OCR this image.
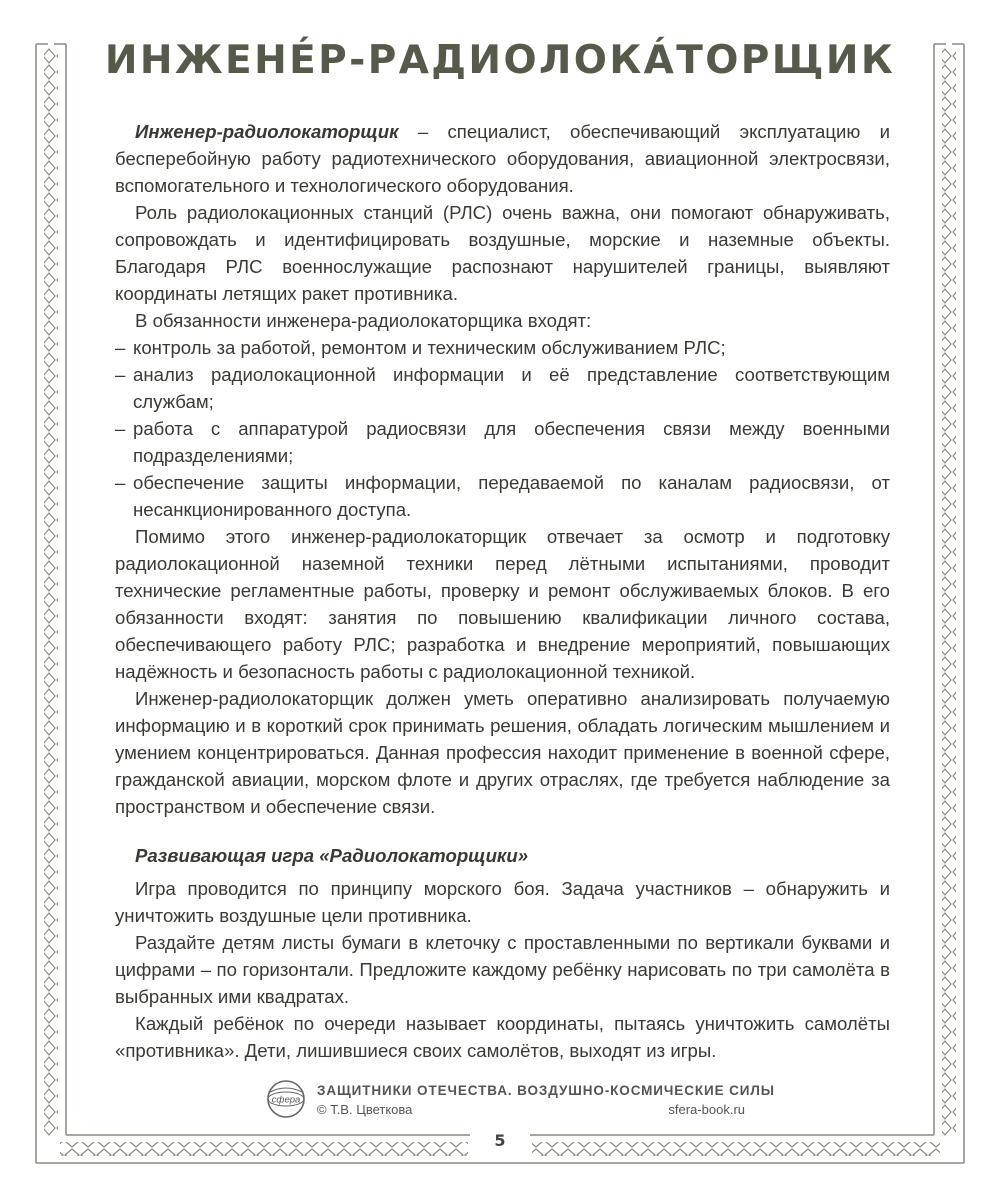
ИНЖЕНÉР-РАДИОЛОКÁТОРЩИК

Инженер-радиолокаторщик – специалист, обеспечивающий эксплуатацию и бесперебойную работу радиотехнического оборудования, авиационной электросвязи, вспомогательного и технологического оборудования.

Роль радиолокационных станций (РЛС) очень важна, они помогают обнаруживать, сопровождать и идентифицировать воздушные, морские и наземные объекты. Благодаря РЛС военнослужащие распознают нарушителей границы, выявляют координаты летящих ракет противника.

В обязанности инженера-радиолокаторщика входят:

– контроль за работой, ремонтом и техническим обслуживанием РЛС;
– анализ радиолокационной информации и её представление соответствующим службам;
– работа с аппаратурой радиосвязи для обеспечения связи между военными подразделениями;
– обеспечение защиты информации, передаваемой по каналам радиосвязи, от несанкционированного доступа.

Помимо этого инженер-радиолокаторщик отвечает за осмотр и подготовку радиолокационной наземной техники перед лётными испытаниями, проводит технические регламентные работы, проверку и ремонт обслуживаемых блоков. В его обязанности входят: занятия по повышению квалификации личного состава, обеспечивающего работу РЛС; разработка и внедрение мероприятий, повышающих надёжность и безопасность работы с радиолокационной техникой.

Инженер-радиолокаторщик должен уметь оперативно анализировать получаемую информацию и в короткий срок принимать решения, обладать логическим мышлением и умением концентрироваться. Данная профессия находит применение в военной сфере, гражданской авиации, морском флоте и других отраслях, где требуется наблюдение за пространством и обеспечение связи.

Развивающая игра «Радиолокаторщики»

Игра проводится по принципу морского боя. Задача участников – обнаружить и уничтожить воздушные цели противника.

Раздайте детям листы бумаги в клеточку с проставленными по вертикали буквами и цифрами – по горизонтали. Предложите каждому ребёнку нарисовать по три самолёта в выбранных ими квадратах.

Каждый ребёнок по очереди называет координаты, пытаясь уничтожить самолёты «противника». Дети, лишившиеся своих самолётов, выходят из игры.

сфера
ЗАЩИТНИКИ ОТЕЧЕСТВА. ВОЗДУШНО-КОСМИЧЕСКИЕ СИЛЫ
© Т.В. Цветкова	sfera-book.ru
5
